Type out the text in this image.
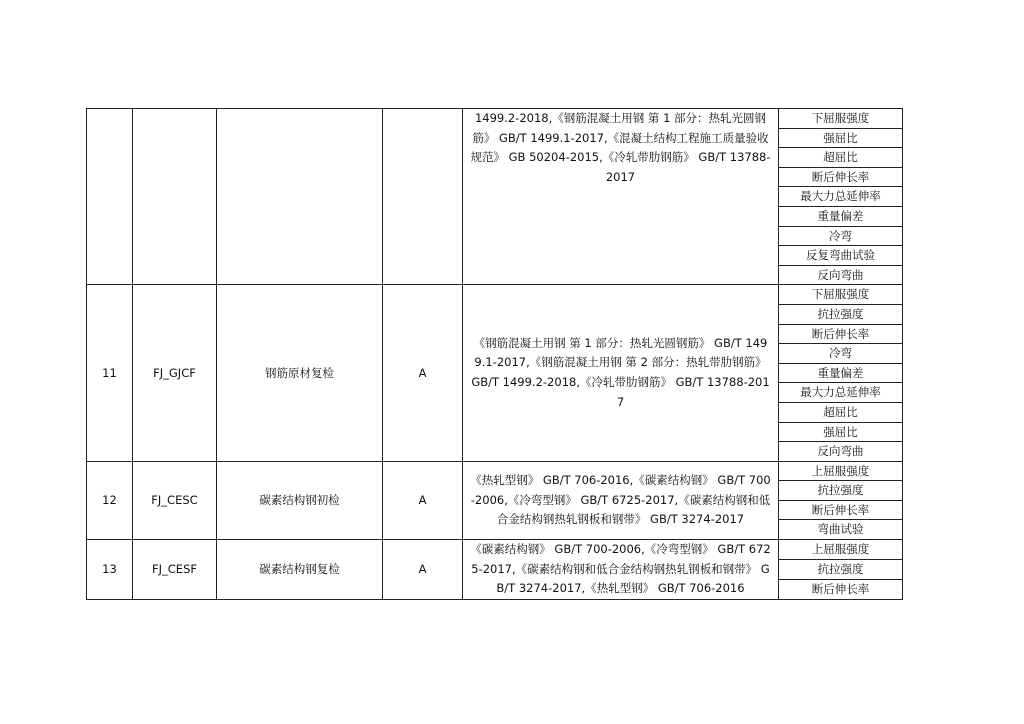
				1499.2-2018,《钢筋混凝土用钢 第 1 部分：热轧光圆钢筋》 GB/T 1499.1-2017,《混凝土结构工程施工质量验收规范》 GB 50204-2015,《冷轧带肋钢筋》 GB/T 13788-2017	下屈服强度
					强屈比
					超屈比
					断后伸长率
					最大力总延伸率
					重量偏差
					冷弯
					反复弯曲试验
					反向弯曲
11	FJ_GJCF	钢筋原材复检	A	《钢筋混凝土用钢 第 1 部分：热轧光圆钢筋》 GB/T 1499.1-2017,《钢筋混凝土用钢 第 2 部分：热轧带肋钢筋》 GB/T 1499.2-2018,《冷轧带肋钢筋》 GB/T 13788-2017	下屈服强度
					抗拉强度
					断后伸长率
					冷弯
					重量偏差
					最大力总延伸率
					超屈比
					强屈比
					反向弯曲
12	FJ_CESC	碳素结构钢初检	A	《热轧型钢》 GB/T 706-2016,《碳素结构钢》 GB/T 700-2006,《冷弯型钢》 GB/T 6725-2017,《碳素结构钢和低合金结构钢热轧钢板和钢带》 GB/T 3274-2017	上屈服强度
					抗拉强度
					断后伸长率
					弯曲试验
13	FJ_CESF	碳素结构钢复检	A	《碳素结构钢》 GB/T 700-2006,《冷弯型钢》 GB/T 6725-2017,《碳素结构钢和低合金结构钢热轧钢板和钢带》 GB/T 3274-2017,《热轧型钢》 GB/T 706-2016	上屈服强度
					抗拉强度
					断后伸长率
